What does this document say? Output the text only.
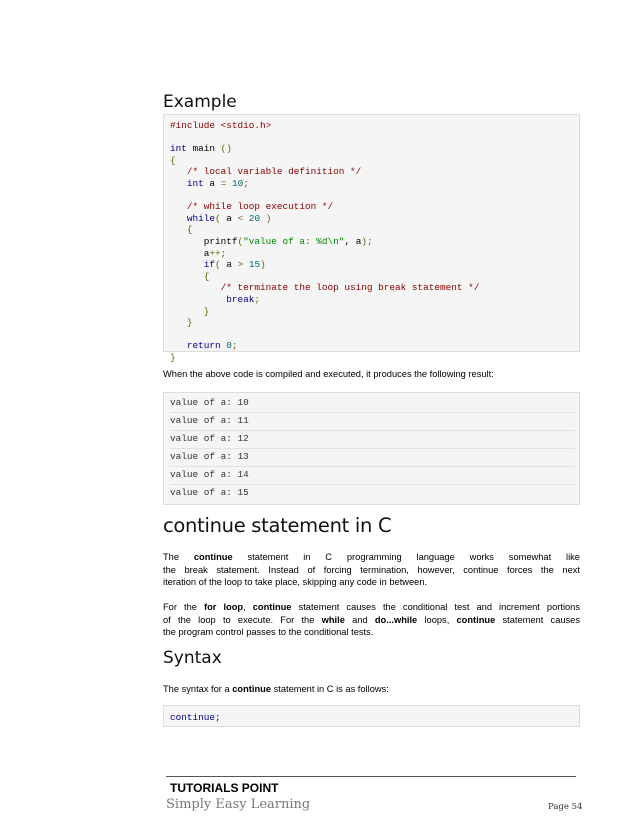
Example
#include <stdio.h>

int main ()
{
/* local variable definition */
int a = 10;

/* while loop execution */
while( a < 20 )
{
printf("value of a: %d\n", a);
a++;
if( a > 15)
{
/* terminate the loop using break statement */
break;
}
}

return 0;
}
When the above code is compiled and executed, it produces the following result:
value of a: 10
value of a: 11
value of a: 12
value of a: 13
value of a: 14
value of a: 15
continue statement in C
The continue statement in C programming language works somewhat like
the break statement. Instead of forcing termination, however, continue forces the next
iteration of the loop to take place, skipping any code in between.
For the for loop, continue statement causes the conditional test and increment portions
of the loop to execute. For the while and do...while loops, continue statement causes
the program control passes to the conditional tests.
Syntax
The syntax for a continue statement in C is as follows:
continue;
TUTORIALS POINT
Simply Easy Learning	Page 54
